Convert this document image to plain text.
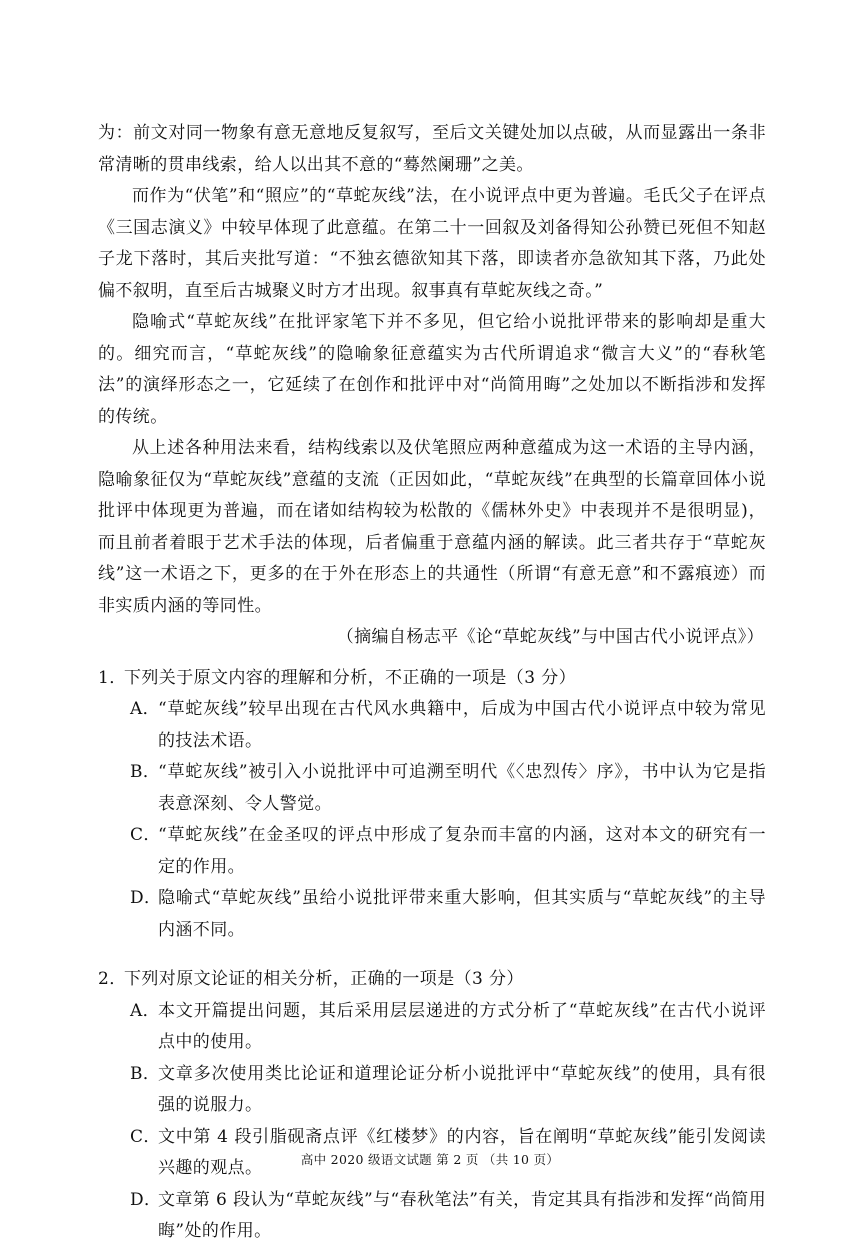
为：前文对同一物象有意无意地反复叙写，至后文关键处加以点破，从而显露出一条非常清晰的贯串线索，给人以出其不意的“蓦然阑珊”之美。

而作为“伏笔”和“照应”的“草蛇灰线”法，在小说评点中更为普遍。毛氏父子在评点《三国志演义》中较早体现了此意蕴。在第二十一回叙及刘备得知公孙赞已死但不知赵子龙下落时，其后夹批写道：“不独玄德欲知其下落，即读者亦急欲知其下落，乃此处偏不叙明，直至后古城聚义时方才出现。叙事真有草蛇灰线之奇。”

隐喻式“草蛇灰线”在批评家笔下并不多见，但它给小说批评带来的影响却是重大的。细究而言，“草蛇灰线”的隐喻象征意蕴实为古代所谓追求“微言大义”的“春秋笔法”的演绎形态之一，它延续了在创作和批评中对“尚简用晦”之处加以不断指涉和发挥的传统。

从上述各种用法来看，结构线索以及伏笔照应两种意蕴成为这一术语的主导内涵，隐喻象征仅为“草蛇灰线”意蕴的支流（正因如此，“草蛇灰线”在典型的长篇章回体小说批评中体现更为普遍，而在诸如结构较为松散的《儒林外史》中表现并不是很明显)，而且前者着眼于艺术手法的体现，后者偏重于意蕴内涵的解读。此三者共存于“草蛇灰线”这一术语之下，更多的在于外在形态上的共通性（所谓“有意无意”和不露痕迹）而非实质内涵的等同性。

（摘编自杨志平《论“草蛇灰线”与中国古代小说评点》）

1．
下列关于原文内容的理解和分析，不正确的一项是（3 分）

A．
“草蛇灰线”较早出现在古代风水典籍中，后成为中国古代小说评点中较为常见的技法术语。

B．
“草蛇灰线”被引入小说批评中可追溯至明代《〈忠烈传〉序》，书中认为它是指表意深刻、令人警觉。

C．
“草蛇灰线”在金圣叹的评点中形成了复杂而丰富的内涵，这对本文的研究有一定的作用。

D．
隐喻式“草蛇灰线”虽给小说批评带来重大影响，但其实质与“草蛇灰线”的主导内涵不同。

2．
下列对原文论证的相关分析，正确的一项是（3 分）

A．
本文开篇提出问题，其后采用层层递进的方式分析了“草蛇灰线”在古代小说评点中的使用。

B．
文章多次使用类比论证和道理论证分析小说批评中“草蛇灰线”的使用，具有很强的说服力。

C．
文中第 4 段引脂砚斋点评《红楼梦》的内容，旨在阐明“草蛇灰线”能引发阅读兴趣的观点。

D．
文章第 6 段认为“草蛇灰线”与“春秋笔法”有关，肯定其具有指涉和发挥“尚简用晦”处的作用。

高中 2020 级语文试题 第 2 页 （共 10 页）
